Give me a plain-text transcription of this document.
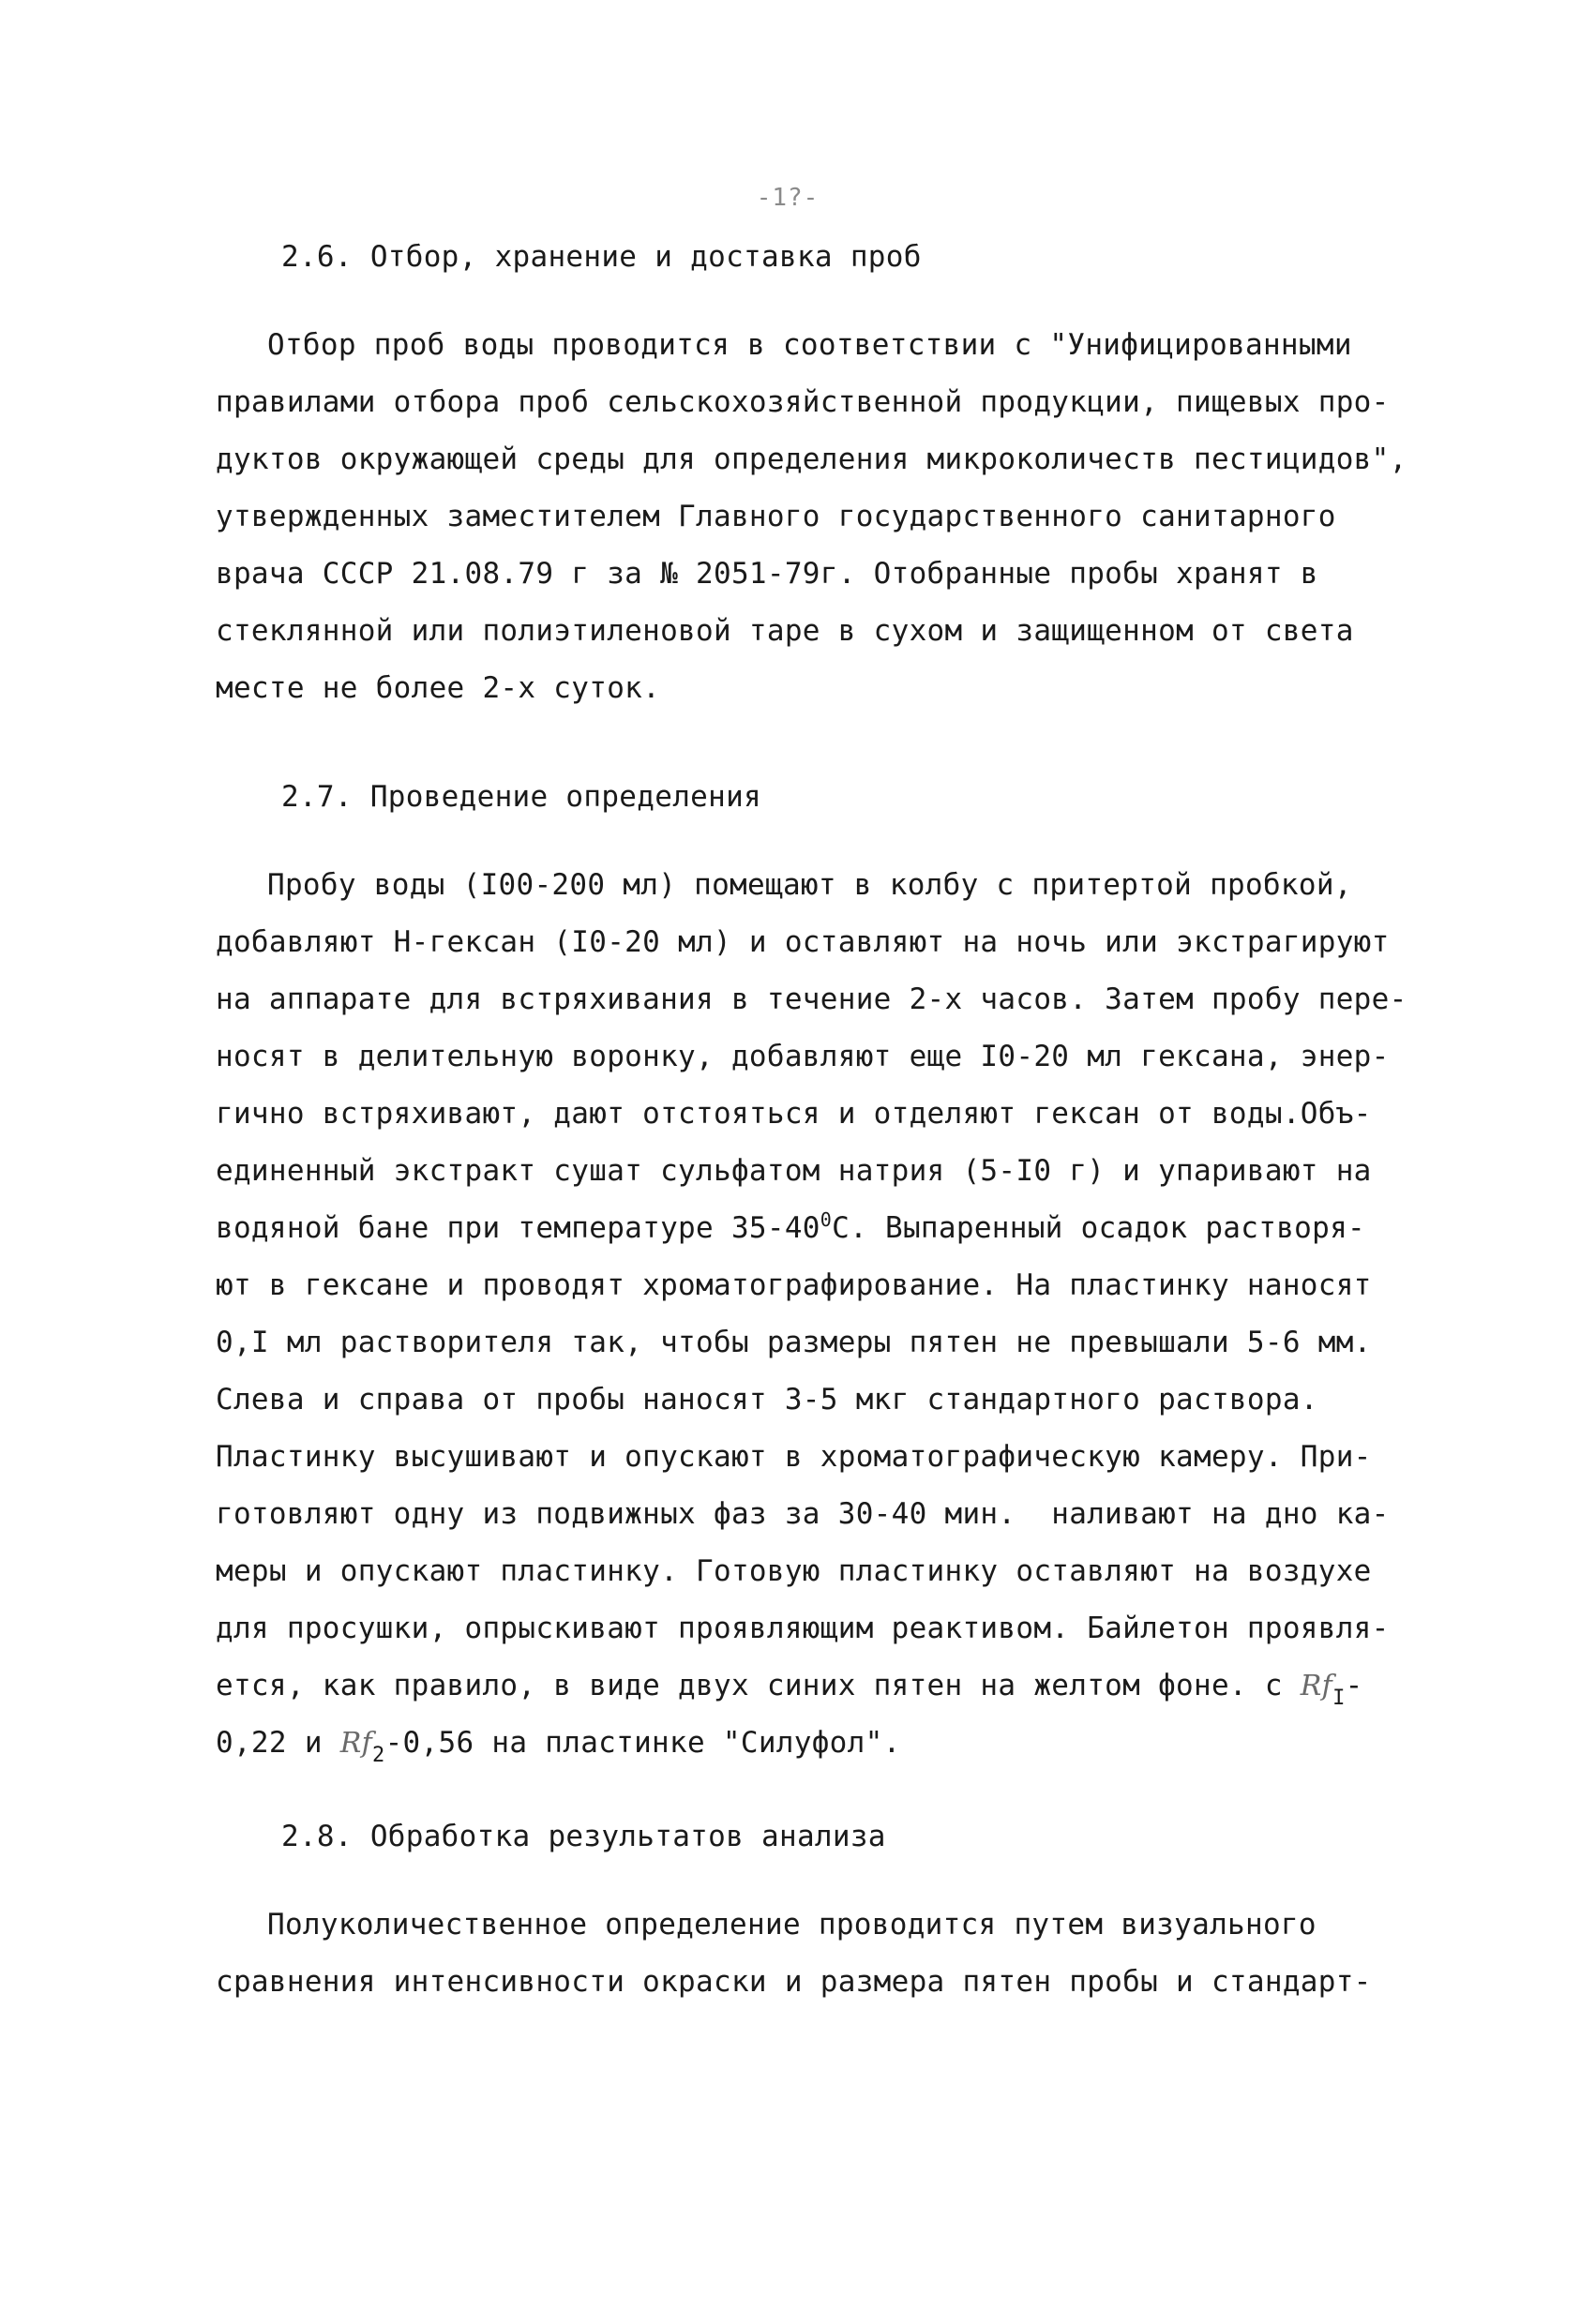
-1?-
2.6. Отбор, хранение и доставка проб
Отбор проб воды проводится в соответствии с "Унифицированными
правилами отбора проб сельскохозяйственной продукции, пищевых про-
дуктов окружающей среды для определения микроколичеств пестицидов",
утвержденных заместителем Главного государственного санитарного
врача СССР 21.08.79 г за № 2051-79г. Отобранные пробы хранят в
стеклянной или полиэтиленовой таре в сухом и защищенном от света
месте не более 2-х суток.
2.7. Проведение определения
Пробу воды (I00-200 мл) помещают в колбу с притертой пробкой,
добавляют Н-гексан (I0-20 мл) и оставляют на ночь или экстрагируют
на аппарате для встряхивания в течение 2-х часов. Затем пробу пере-
носят в делительную воронку, добавляют еще I0-20 мл гексана, энер-
гично встряхивают, дают отстояться и отделяют гексан от воды.Объ-
единенный экстракт сушат сульфатом натрия (5-I0 г) и упаривают на
водяной бане при температуре $35-40^0С$. Выпаренный осадок растворя-
ют в гексане и проводят хроматографирование. На пластинку наносят
0,I мл растворителя так, чтобы размеры пятен не превышали 5-6 мм.
Слева и справа от пробы наносят 3-5 мкг стандартного раствора.
Пластинку высушивают и опускают в хроматографическую камеру. При-
готовляют одну из подвижных фаз за 30-40 мин.  наливают на дно ка-
меры и опускают пластинку. Готовую пластинку оставляют на воздухе
для просушки, опрыскивают проявляющим реактивом. Байлетон проявля-
ется, как правило, в виде двух синих пятен на желтом фоне. с $Rf_I-$
0,22 и $Rf_2-0,56$ на пластинке "Силуфол".
2.8. Обработка результатов анализа
Полуколичественное определение проводится путем визуального
сравнения интенсивности окраски и размера пятен пробы и стандарт-
